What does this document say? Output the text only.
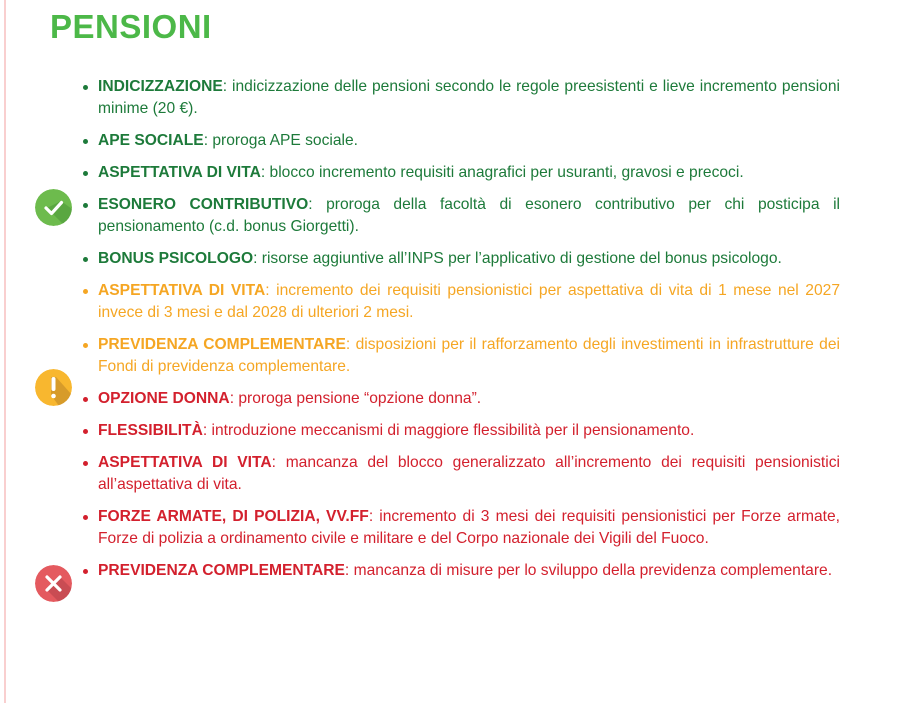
PENSIONI
INDICIZZAZIONE: indicizzazione delle pensioni secondo le regole preesistenti e lieve incremento pensioni minime (20 €).
APE SOCIALE: proroga APE sociale.
ASPETTATIVA DI VITA: blocco incremento requisiti anagrafici per usuranti, gravosi e precoci.
ESONERO CONTRIBUTIVO: proroga della facoltà di esonero contributivo per chi posticipa il pensionamento (c.d. bonus Giorgetti).
BONUS PSICOLOGO: risorse aggiuntive all’INPS per l’applicativo di gestione del bonus psicologo.
ASPETTATIVA DI VITA: incremento dei requisiti pensionistici per aspettativa di vita di 1 mese nel 2027 invece di 3 mesi e dal 2028 di ulteriori 2 mesi.
PREVIDENZA COMPLEMENTARE: disposizioni per il rafforzamento degli investimenti in infrastrutture dei Fondi di previdenza complementare.
OPZIONE DONNA: proroga pensione “opzione donna”.
FLESSIBILITÀ: introduzione meccanismi di maggiore flessibilità per il pensionamento.
ASPETTATIVA DI VITA: mancanza del blocco generalizzato all’incremento dei requisiti pensionistici all’aspettativa di vita.
FORZE ARMATE, DI POLIZIA, VV.FF: incremento di 3 mesi dei requisiti pensionistici per Forze armate, Forze di polizia a ordinamento civile e militare e del Corpo nazionale dei Vigili del Fuoco.
PREVIDENZA COMPLEMENTARE: mancanza di misure per lo sviluppo della previdenza complementare.
